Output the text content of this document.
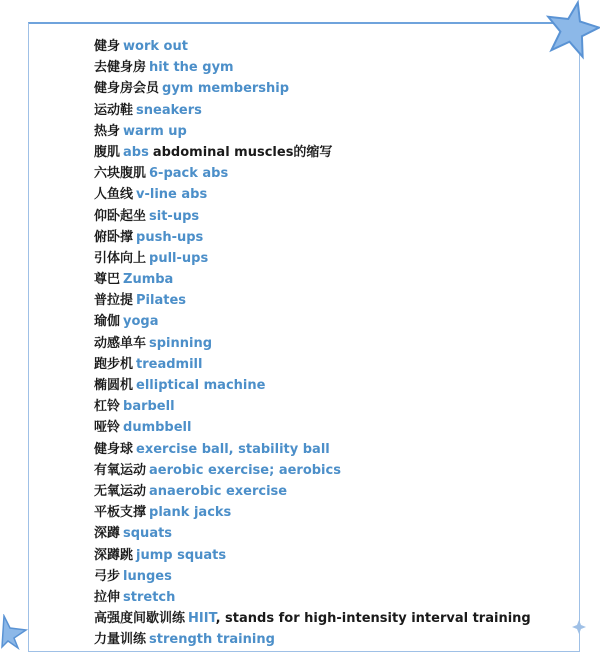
健身 work out
去健身房 hit the gym
健身房会员 gym membership
运动鞋 sneakers
热身 warm up
腹肌 abs abdominal muscles的缩写
六块腹肌 6-pack abs
人鱼线 v-line abs
仰卧起坐 sit-ups
俯卧撑 push-ups
引体向上 pull-ups
尊巴 Zumba
普拉提 Pilates
瑜伽 yoga
动感单车 spinning
跑步机 treadmill
椭圆机 elliptical machine
杠铃 barbell
哑铃 dumbbell
健身球 exercise ball, stability ball
有氧运动 aerobic exercise; aerobics
无氧运动 anaerobic exercise
平板支撑 plank jacks
深蹲 squats
深蹲跳 jump squats
弓步 lunges
拉伸 stretch
高强度间歇训练 HIIT, stands for high-intensity interval training
力量训练 strength training
